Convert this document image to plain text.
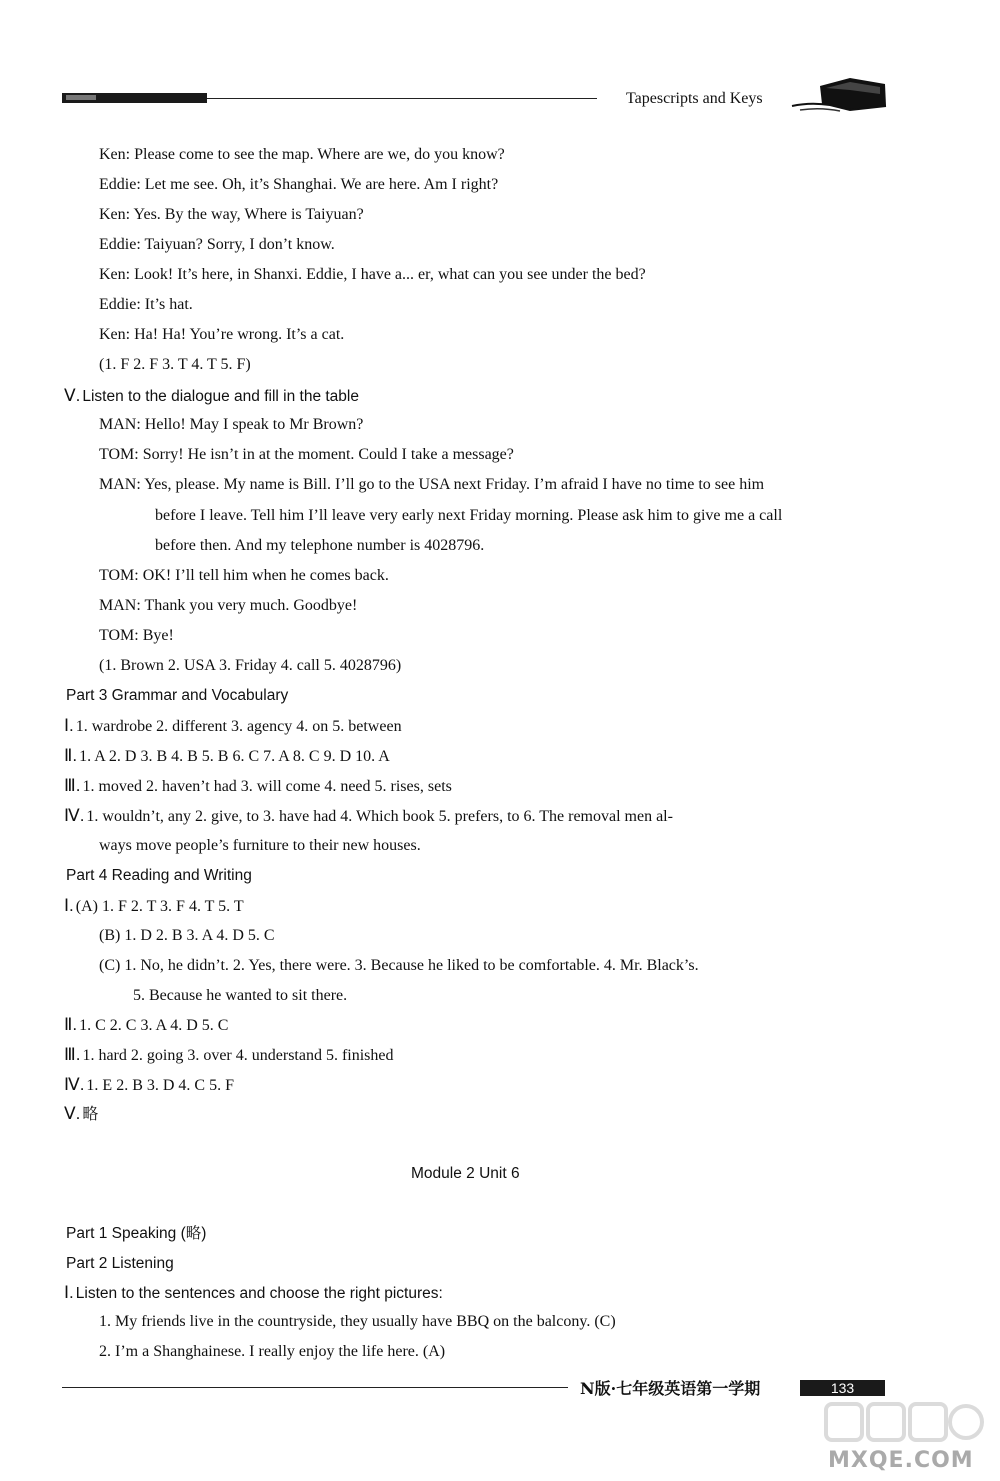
Tapescripts and Keys
Ken: Please come to see the map. Where are we, do you know?
Eddie: Let me see. Oh, it’s Shanghai. We are here. Am I right?
Ken: Yes. By the way, Where is Taiyuan?
Eddie: Taiyuan? Sorry, I don’t know.
Ken: Look! It’s here, in Shanxi. Eddie, I have a... er, what can you see under the bed?
Eddie: It’s hat.
Ken: Ha! Ha! You’re wrong. It’s a cat.
(1. F 2. F 3. T 4. T 5. F)
Ⅴ. Listen to the dialogue and fill in the table
MAN: Hello! May I speak to Mr Brown?
TOM: Sorry! He isn’t in at the moment. Could I take a message?
MAN: Yes, please. My name is Bill. I’ll go to the USA next Friday. I’m afraid I have no time to see him
before I leave. Tell him I’ll leave very early next Friday morning. Please ask him to give me a call
before then. And my telephone number is 4028796.
TOM: OK! I’ll tell him when he comes back.
MAN: Thank you very much. Goodbye!
TOM: Bye!
(1. Brown 2. USA 3. Friday 4. call 5. 4028796)
Part 3 Grammar and Vocabulary
Ⅰ. 1. wardrobe 2. different 3. agency 4. on 5. between
Ⅱ. 1. A 2. D 3. B 4. B 5. B 6. C 7. A 8. C 9. D 10. A
Ⅲ. 1. moved 2. haven’t had 3. will come 4. need 5. rises, sets
Ⅳ. 1. wouldn’t, any 2. give, to 3. have had 4. Which book 5. prefers, to 6. The removal men al-
ways move people’s furniture to their new houses.
Part 4 Reading and Writing
Ⅰ. (A) 1. F 2. T 3. F 4. T 5. T
(B) 1. D 2. B 3. A 4. D 5. C
(C) 1. No, he didn’t. 2. Yes, there were. 3. Because he liked to be comfortable. 4. Mr. Black’s.
5. Because he wanted to sit there.
Ⅱ. 1. C 2. C 3. A 4. D 5. C
Ⅲ. 1. hard 2. going 3. over 4. understand 5. finished
Ⅳ. 1. E 2. B 3. D 4. C 5. F
Ⅴ. 略
Module 2 Unit 6
Part 1 Speaking (略)
Part 2 Listening
Ⅰ. Listen to the sentences and choose the right pictures:
1. My friends live in the countryside, they usually have BBQ on the balcony. (C)
2. I’m a Shanghainese. I really enjoy the life here. (A)
N版·七年级英语第一学期	133
MXQE.COM
